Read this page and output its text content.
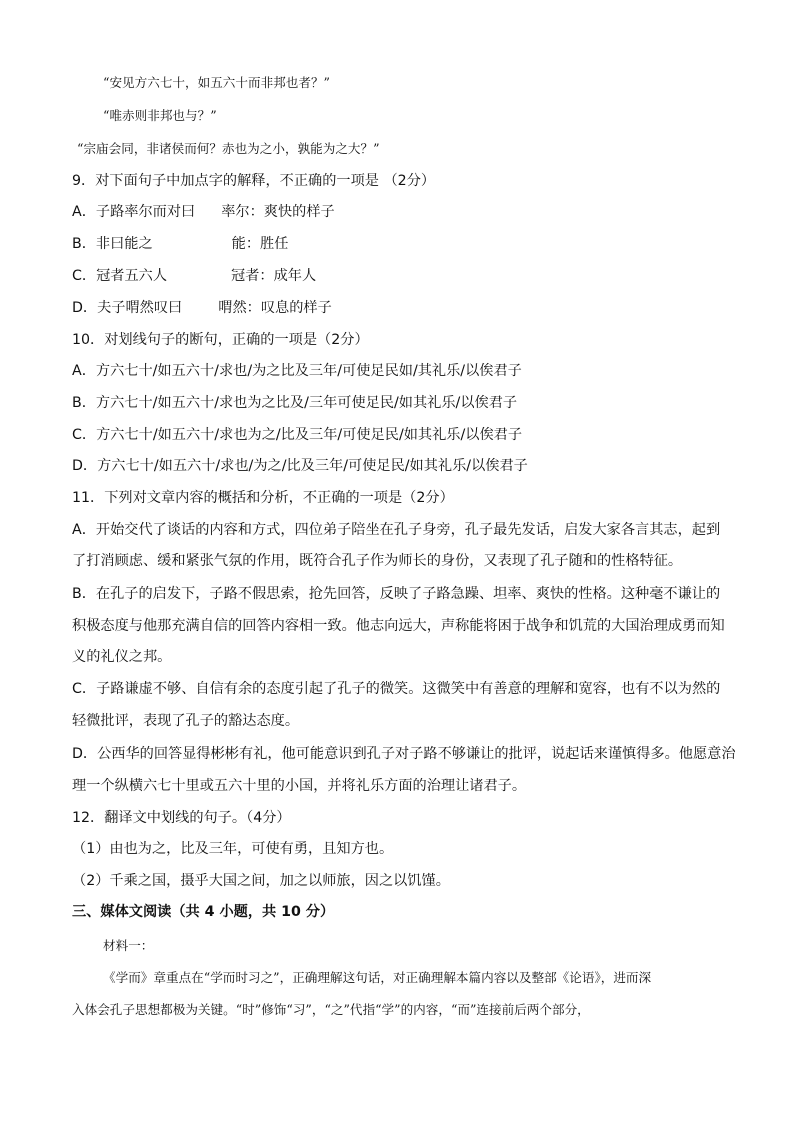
“安见方六七十，如五六十而非邦也者？”
“唯赤则非邦也与？”
“宗庙会同，非诸侯而何？赤也为之小，孰能为之大？”
9．对下面句子中加点字的解释，不正确的一项是 （2分）
A．子路率尔而对曰 率尔：爽快的样子
B．非曰能之	能：胜任
C．冠者五六人	冠者：成年人
D．夫子喟然叹曰	喟然：叹息的样子
10．对划线句子的断句，正确的一项是（2分）
A．方六七十/如五六十/求也/为之比及三年/可使足民如/其礼乐/以俟君子
B．方六七十/如五六十/求也为之比及/三年可使足民/如其礼乐/以俟君子
C．方六七十/如五六十/求也为之/比及三年/可使足民/如其礼乐/以俟君子
D．方六七十/如五六十/求也/为之/比及三年/可使足民/如其礼乐/以俟君子
11．下列对文章内容的概括和分析，不正确的一项是（2分）
A．开始交代了谈话的内容和方式，四位弟子陪坐在孔子身旁，孔子最先发话，启发大家各言其志，起到
了打消顾虑、缓和紧张气氛的作用，既符合孔子作为师长的身份，又表现了孔子随和的性格特征。
B．在孔子的启发下，子路不假思索，抢先回答，反映了子路急躁、坦率、爽快的性格。这种毫不谦让的
积极态度与他那充满自信的回答内容相一致。他志向远大，声称能将困于战争和饥荒的大国治理成勇而知
义的礼仪之邦。
C．子路谦虚不够、自信有余的态度引起了孔子的微笑。这微笑中有善意的理解和宽容，也有不以为然的
轻微批评，表现了孔子的豁达态度。
D．公西华的回答显得彬彬有礼，他可能意识到孔子对子路不够谦让的批评，说起话来谨慎得多。他愿意治
理一个纵横六七十里或五六十里的小国，并将礼乐方面的治理让诸君子。
12．翻译文中划线的句子。（4分）
（1）由也为之，比及三年，可使有勇，且知方也。
（2）千乘之国，摄乎大国之间，加之以师旅，因之以饥馑。
三、媒体文阅读（共 4 小题，共 10 分）
材料一：
《学而》章重点在“学而时习之”，正确理解这句话，对正确理解本篇内容以及整部《论语》，进而深
入体会孔子思想都极为关键。“时”修饰“习”，“之”代指“学”的内容，“而”连接前后两个部分，
